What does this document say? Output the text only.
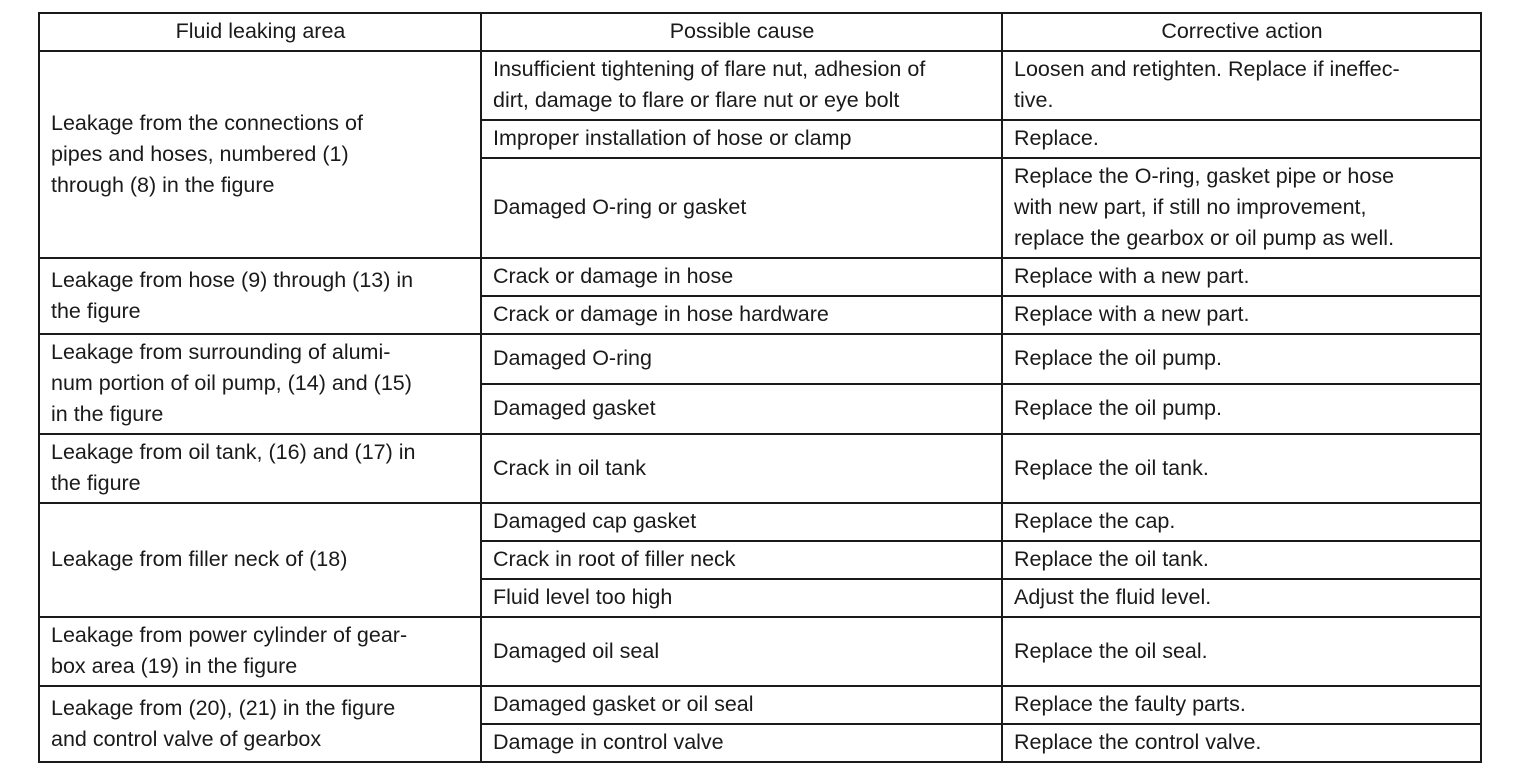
Fluid leaking area	Possible cause	Corrective action

Leakage from the connections of
pipes and hoses, numbered (1)
through (8) in the figure	Insufficient tightening of flare nut, adhesion of
dirt, damage to flare or flare nut or eye bolt	Loosen and retighten. Replace if ineffec-
tive.

	Improper installation of hose or clamp	Replace.

	Damaged O-ring or gasket	Replace the O-ring, gasket pipe or hose
with new part, if still no improvement,
replace the gearbox or oil pump as well.

Leakage from hose (9) through (13) in
the figure	Crack or damage in hose	Replace with a new part.

	Crack or damage in hose hardware	Replace with a new part.

Leakage from surrounding of alumi-
num portion of oil pump, (14) and (15)
in the figure	Damaged O-ring	Replace the oil pump.

	Damaged gasket	Replace the oil pump.

Leakage from oil tank, (16) and (17) in
the figure	Crack in oil tank	Replace the oil tank.

Leakage from filler neck of (18)	Damaged cap gasket	Replace the cap.

	Crack in root of filler neck	Replace the oil tank.

	Fluid level too high	Adjust the fluid level.

Leakage from power cylinder of gear-
box area (19) in the figure	Damaged oil seal	Replace the oil seal.

Leakage from (20), (21) in the figure
and control valve of gearbox	Damaged gasket or oil seal	Replace the faulty parts.

	Damage in control valve	Replace the control valve.
